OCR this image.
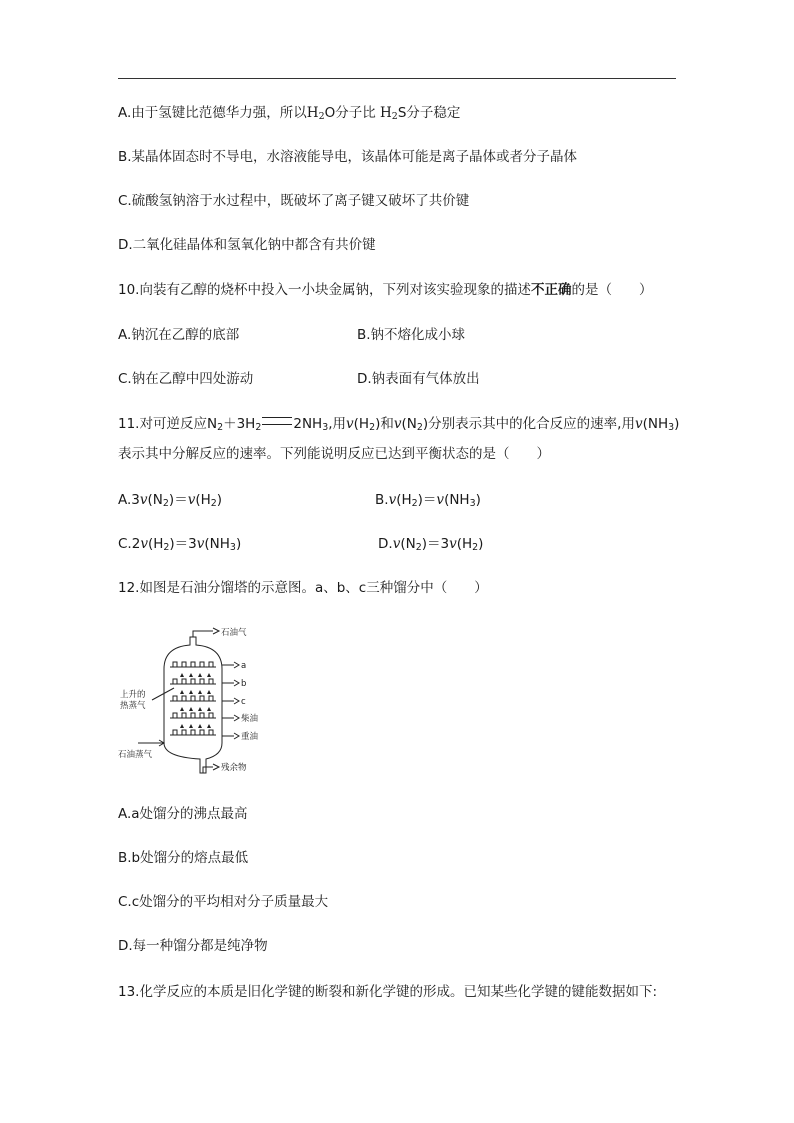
A.由于氢键比范德华力强，所以$H_2O$分子比 $H_2S$分子稳定
B.某晶体固态时不导电，水溶液能导电，该晶体可能是离子晶体或者分子晶体
C.硫酸氢钠溶于水过程中，既破坏了离子键又破坏了共价键
D.二氧化硅晶体和氢氧化钠中都含有共价键
10.向装有乙醇的烧杯中投入一小块金属钠，下列对该实验现象的描述不正确的是（　　）
A.钠沉在乙醇的底部	B.钠不熔化成小球
C.钠在乙醇中四处游动	D.钠表面有气体放出
11.对可逆反应$N_2+3H_2$ $2NH_3$,用$v(H_2)$和$v(N_2)$分别表示其中的化合反应的速率,用$v(NH_3)$
表示其中分解反应的速率。下列能说明反应已达到平衡状态的是（　　）
$A.3v(N_2)=v(H_2)$	$B.v(H_2)=v(NH_3)$
$C.2v(H_2)=3v(NH_3)$	$D.v(N_2)=3v(H_2)$
12.如图是石油分馏塔的示意图。a、b、c三种馏分中（　　）
石油气
a
b
c
柴油
重油
残余物
上升的
热蒸气
石油蒸气
A.a处馏分的沸点最高
B.b处馏分的熔点最低
C.c处馏分的平均相对分子质量最大
D.每一种馏分都是纯净物
13.化学反应的本质是旧化学键的断裂和新化学键的形成。已知某些化学键的键能数据如下:
